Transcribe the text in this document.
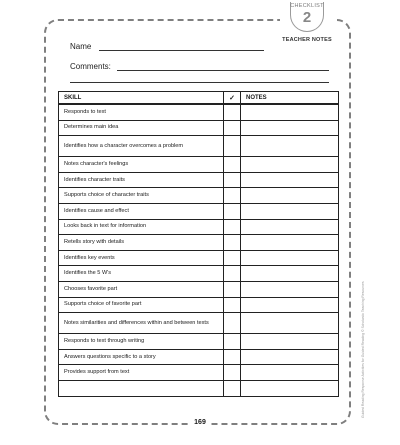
CHECKLIST
2
TEACHER NOTES
Name
Comments:
SKILL	✓	NOTES
Responds to text		
Determines main idea		
Identifies how a character overcomes a problem		
Notes character's feelings		
Identifies character traits		
Supports choice of character traits		
Identifies cause and effect		
Looks back in text for information		
Retells story with details		
Identifies key events		
Identifies the 5 W's		
Chooses favorite part		
Supports choice of favorite part		
Notes similarities and differences within and between texts		
Responds to text through writing		
Answers questions specific to a story		
Provides support from text		

169
Guided Reading Response Activities for Guided Reading © Scholastic Teaching Resources
